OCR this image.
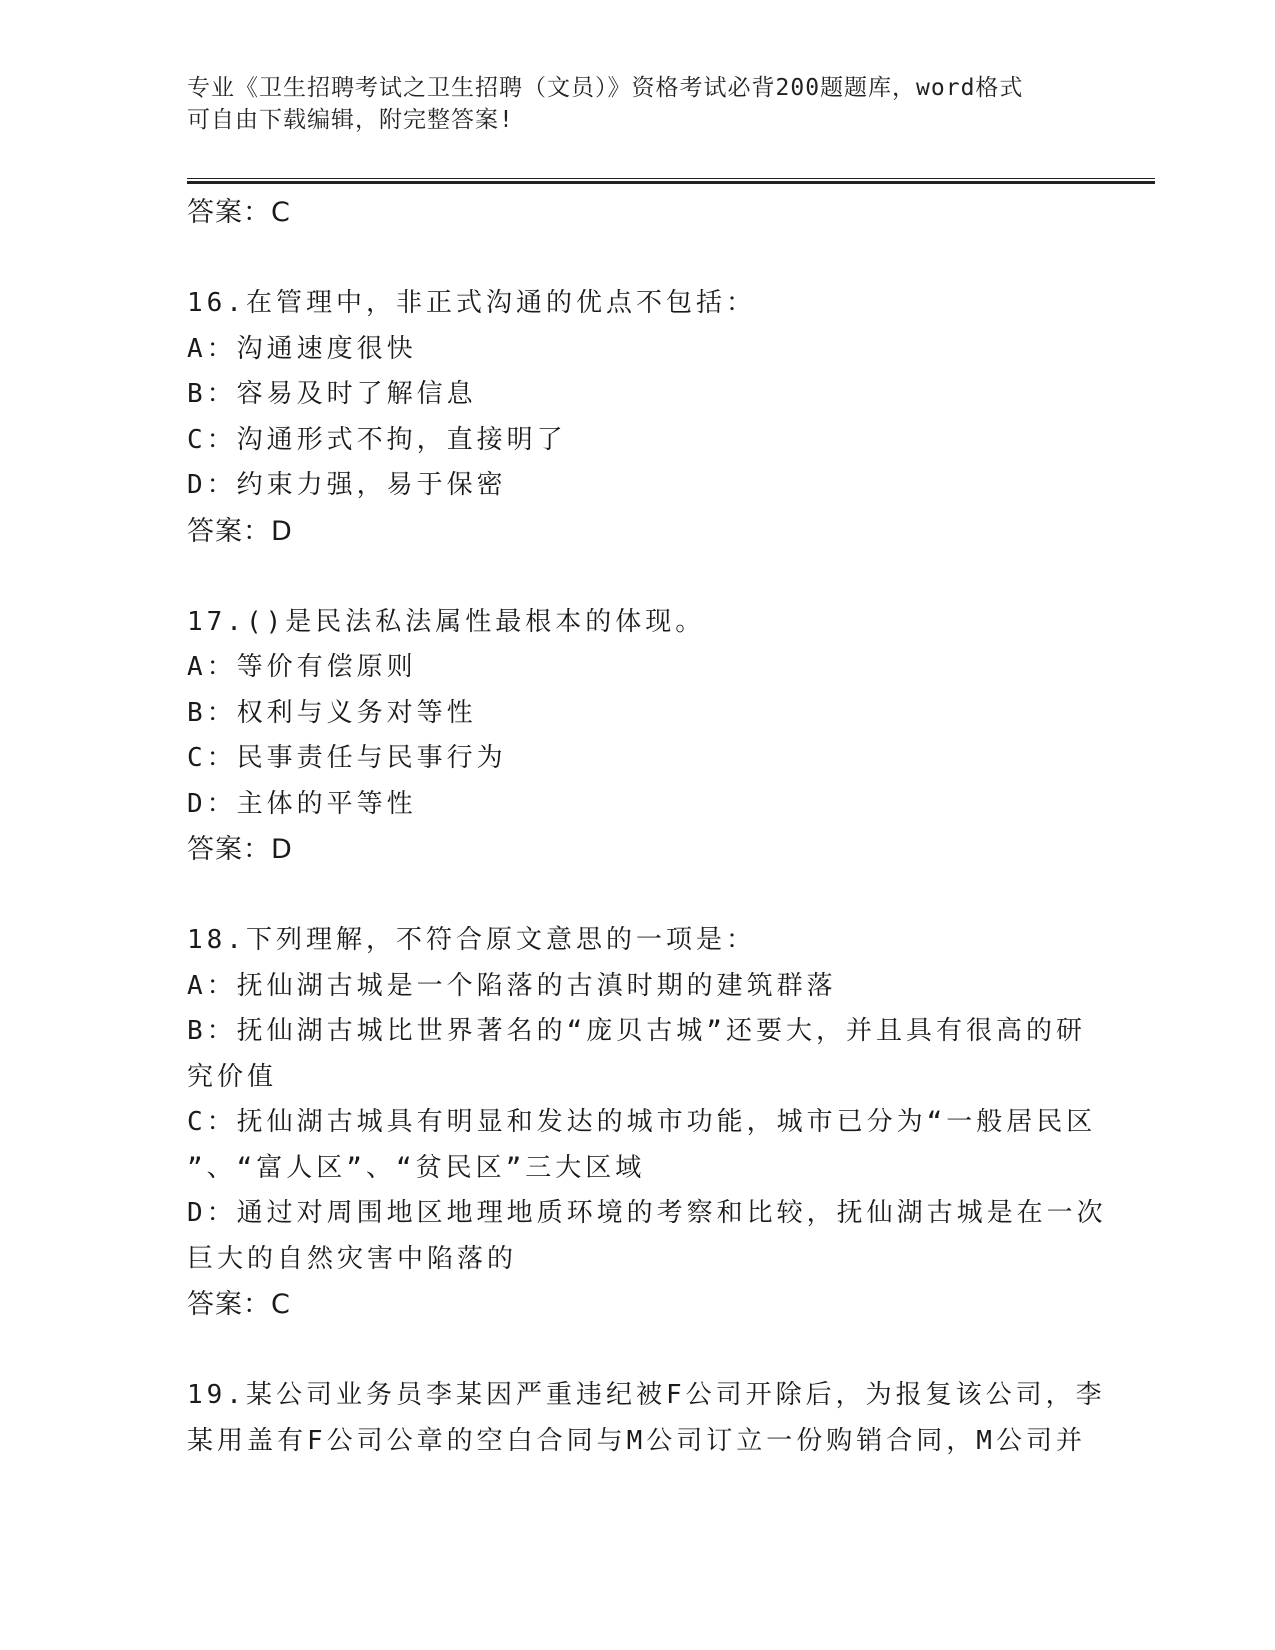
专业《卫生招聘考试之卫生招聘（文员）》资格考试必背200题题库，word格式
可自由下载编辑，附完整答案!
答案：C
16.在管理中，非正式沟通的优点不包括：
A：沟通速度很快
B：容易及时了解信息
C：沟通形式不拘，直接明了
D：约束力强，易于保密
答案：D
17.()是民法私法属性最根本的体现。
A：等价有偿原则
B：权利与义务对等性
C：民事责任与民事行为
D：主体的平等性
答案：D
18.下列理解，不符合原文意思的一项是：
A：抚仙湖古城是一个陷落的古滇时期的建筑群落
B：抚仙湖古城比世界著名的“庞贝古城”还要大，并且具有很高的研
究价值
C：抚仙湖古城具有明显和发达的城市功能，城市已分为“一般居民区
”、“富人区”、“贫民区”三大区域
D：通过对周围地区地理地质环境的考察和比较，抚仙湖古城是在一次
巨大的自然灾害中陷落的
答案：C
19.某公司业务员李某因严重违纪被F公司开除后，为报复该公司，李
某用盖有F公司公章的空白合同与M公司订立一份购销合同，M公司并
